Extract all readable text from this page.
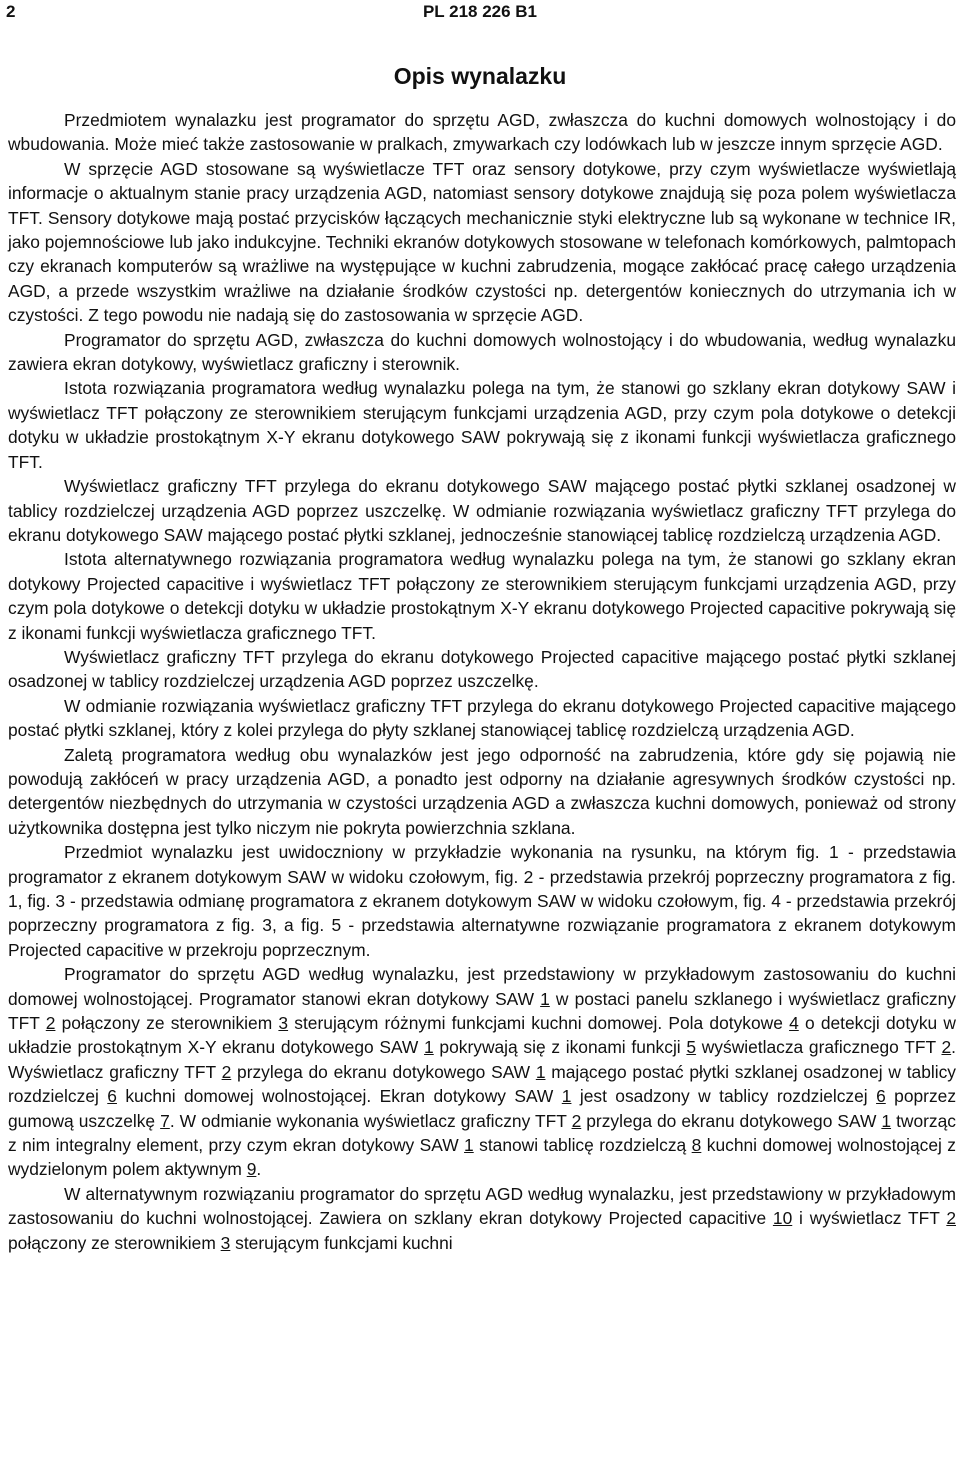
2	PL 218 226 B1
Opis wynalazku

Przedmiotem wynalazku jest programator do sprzętu AGD, zwłaszcza do kuchni domowych wolnostojący i do wbudowania. Może mieć także zastosowanie w pralkach, zmywarkach czy lodówkach lub w jeszcze innym sprzęcie AGD.

W sprzęcie AGD stosowane są wyświetlacze TFT oraz sensory dotykowe, przy czym wyświetlacze wyświetlają informacje o aktualnym stanie pracy urządzenia AGD, natomiast sensory dotykowe znajdują się poza polem wyświetlacza TFT. Sensory dotykowe mają postać przycisków łączących mechanicznie styki elektryczne lub są wykonane w technice IR, jako pojemnościowe lub jako indukcyjne. Techniki ekranów dotykowych stosowane w telefonach komórkowych, palmtopach czy ekranach komputerów są wrażliwe na występujące w kuchni zabrudzenia, mogące zakłócać pracę całego urządzenia AGD, a przede wszystkim wrażliwe na działanie środków czystości np. detergentów koniecznych do utrzymania ich w czystości. Z tego powodu nie nadają się do zastosowania w sprzęcie AGD.

Programator do sprzętu AGD, zwłaszcza do kuchni domowych wolnostojący i do wbudowania, według wynalazku zawiera ekran dotykowy, wyświetlacz graficzny i sterownik.

Istota rozwiązania programatora według wynalazku polega na tym, że stanowi go szklany ekran dotykowy SAW i wyświetlacz TFT połączony ze sterownikiem sterującym funkcjami urządzenia AGD, przy czym pola dotykowe o detekcji dotyku w układzie prostokątnym X-Y ekranu dotykowego SAW pokrywają się z ikonami funkcji wyświetlacza graficznego TFT.

Wyświetlacz graficzny TFT przylega do ekranu dotykowego SAW mającego postać płytki szklanej osadzonej w tablicy rozdzielczej urządzenia AGD poprzez uszczelkę. W odmianie rozwiązania wyświetlacz graficzny TFT przylega do ekranu dotykowego SAW mającego postać płytki szklanej, jednocześnie stanowiącej tablicę rozdzielczą urządzenia AGD.

Istota alternatywnego rozwiązania programatora według wynalazku polega na tym, że stanowi go szklany ekran dotykowy Projected capacitive i wyświetlacz TFT połączony ze sterownikiem sterującym funkcjami urządzenia AGD, przy czym pola dotykowe o detekcji dotyku w układzie prostokątnym X-Y ekranu dotykowego Projected capacitive pokrywają się z ikonami funkcji wyświetlacza graficznego TFT.

Wyświetlacz graficzny TFT przylega do ekranu dotykowego Projected capacitive mającego postać płytki szklanej osadzonej w tablicy rozdzielczej urządzenia AGD poprzez uszczelkę.

W odmianie rozwiązania wyświetlacz graficzny TFT przylega do ekranu dotykowego Projected capacitive mającego postać płytki szklanej, który z kolei przylega do płyty szklanej stanowiącej tablicę rozdzielczą urządzenia AGD.

Zaletą programatora według obu wynalazków jest jego odporność na zabrudzenia, które gdy się pojawią nie powodują zakłóceń w pracy urządzenia AGD, a ponadto jest odporny na działanie agresywnych środków czystości np. detergentów niezbędnych do utrzymania w czystości urządzenia AGD a zwłaszcza kuchni domowych, ponieważ od strony użytkownika dostępna jest tylko niczym nie pokryta powierzchnia szklana.

Przedmiot wynalazku jest uwidoczniony w przykładzie wykonania na rysunku, na którym fig. 1 - przedstawia programator z ekranem dotykowym SAW w widoku czołowym, fig. 2 - przedstawia przekrój poprzeczny programatora z fig. 1, fig. 3 - przedstawia odmianę programatora z ekranem dotykowym SAW w widoku czołowym, fig. 4 - przedstawia przekrój poprzeczny programatora z fig. 3, a fig. 5 - przedstawia alternatywne rozwiązanie programatora z ekranem dotykowym Projected capacitive w przekroju poprzecznym.

Programator do sprzętu AGD według wynalazku, jest przedstawiony w przykładowym zastosowaniu do kuchni domowej wolnostojącej. Programator stanowi ekran dotykowy SAW 1 w postaci panelu szklanego i wyświetlacz graficzny TFT 2 połączony ze sterownikiem 3 sterującym różnymi funkcjami kuchni domowej. Pola dotykowe 4 o detekcji dotyku w układzie prostokątnym X-Y ekranu dotykowego SAW 1 pokrywają się z ikonami funkcji 5 wyświetlacza graficznego TFT 2. Wyświetlacz graficzny TFT 2 przylega do ekranu dotykowego SAW 1 mającego postać płytki szklanej osadzonej w tablicy rozdzielczej 6 kuchni domowej wolnostojącej. Ekran dotykowy SAW 1 jest osadzony w tablicy rozdzielczej 6 poprzez gumową uszczelkę 7. W odmianie wykonania wyświetlacz graficzny TFT 2 przylega do ekranu dotykowego SAW 1 tworząc z nim integralny element, przy czym ekran dotykowy SAW 1 stanowi tablicę rozdzielczą 8 kuchni domowej wolnostojącej z wydzielonym polem aktywnym 9.

W alternatywnym rozwiązaniu programator do sprzętu AGD według wynalazku, jest przedstawiony w przykładowym zastosowaniu do kuchni wolnostojącej. Zawiera on szklany ekran dotykowy Projected capacitive 10 i wyświetlacz TFT 2 połączony ze sterownikiem 3 sterującym funkcjami kuchni
